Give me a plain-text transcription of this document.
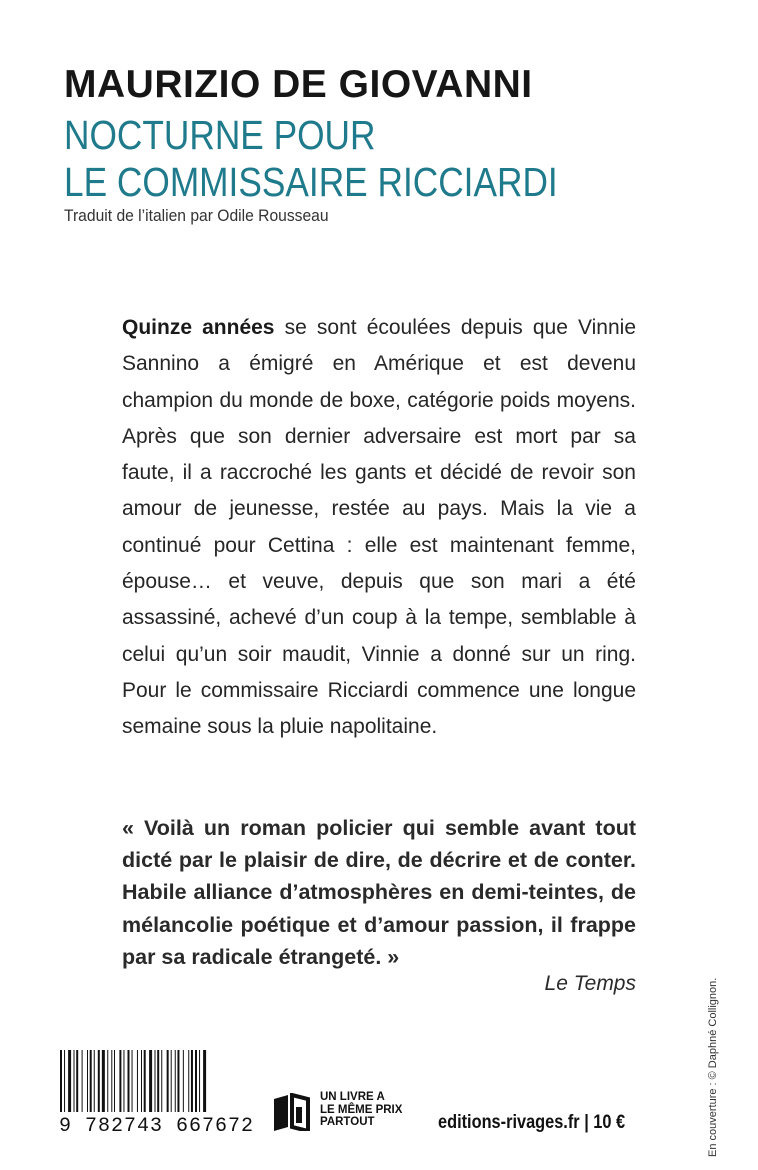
MAURIZIO DE GIOVANNI
NOCTURNE POUR
LE COMMISSAIRE RICCIARDI
Traduit de l’italien par Odile Rousseau
Quinze années se sont écoulées depuis que Vinnie Sannino a émigré en Amérique et est devenu champion du monde de boxe, catégorie poids moyens. Après que son dernier adversaire est mort par sa faute, il a raccroché les gants et décidé de revoir son amour de jeunesse, restée au pays. Mais la vie a continué pour Cettina : elle est maintenant femme, épouse… et veuve, depuis que son mari a été assassiné, achevé d’un coup à la tempe, semblable à celui qu’un soir maudit, Vinnie a donné sur un ring. Pour le commissaire Ricciardi commence une longue semaine sous la pluie napolitaine.
« Voilà un roman policier qui semble avant tout dicté par le plaisir de dire, de décrire et de conter. Habile alliance d’atmosphères en demi-teintes, de mélancolie poétique et d’amour passion, il frappe par sa radicale étrangeté. »
Le Temps	En couverture : © Daphné Collignon.
9 782743 667672
UN LIVRE A
LE MÊME PRIX
PARTOUT	editions-rivages.fr | 10 €
